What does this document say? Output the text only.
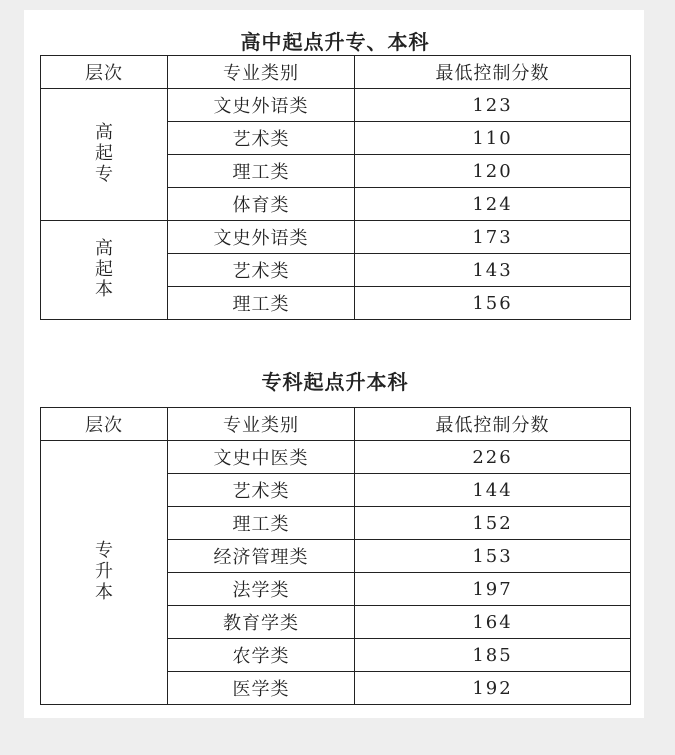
高中起点升专、本科
层次	专业类别	最低控制分数
高起专	文史外语类	123
	艺术类	110
	理工类	120
	体育类	124
高起本	文史外语类	173
	艺术类	143
	理工类	156
专科起点升本科
层次	专业类别	最低控制分数
专升本	文史中医类	226
	艺术类	144
	理工类	152
	经济管理类	153
	法学类	197
	教育学类	164
	农学类	185
	医学类	192
